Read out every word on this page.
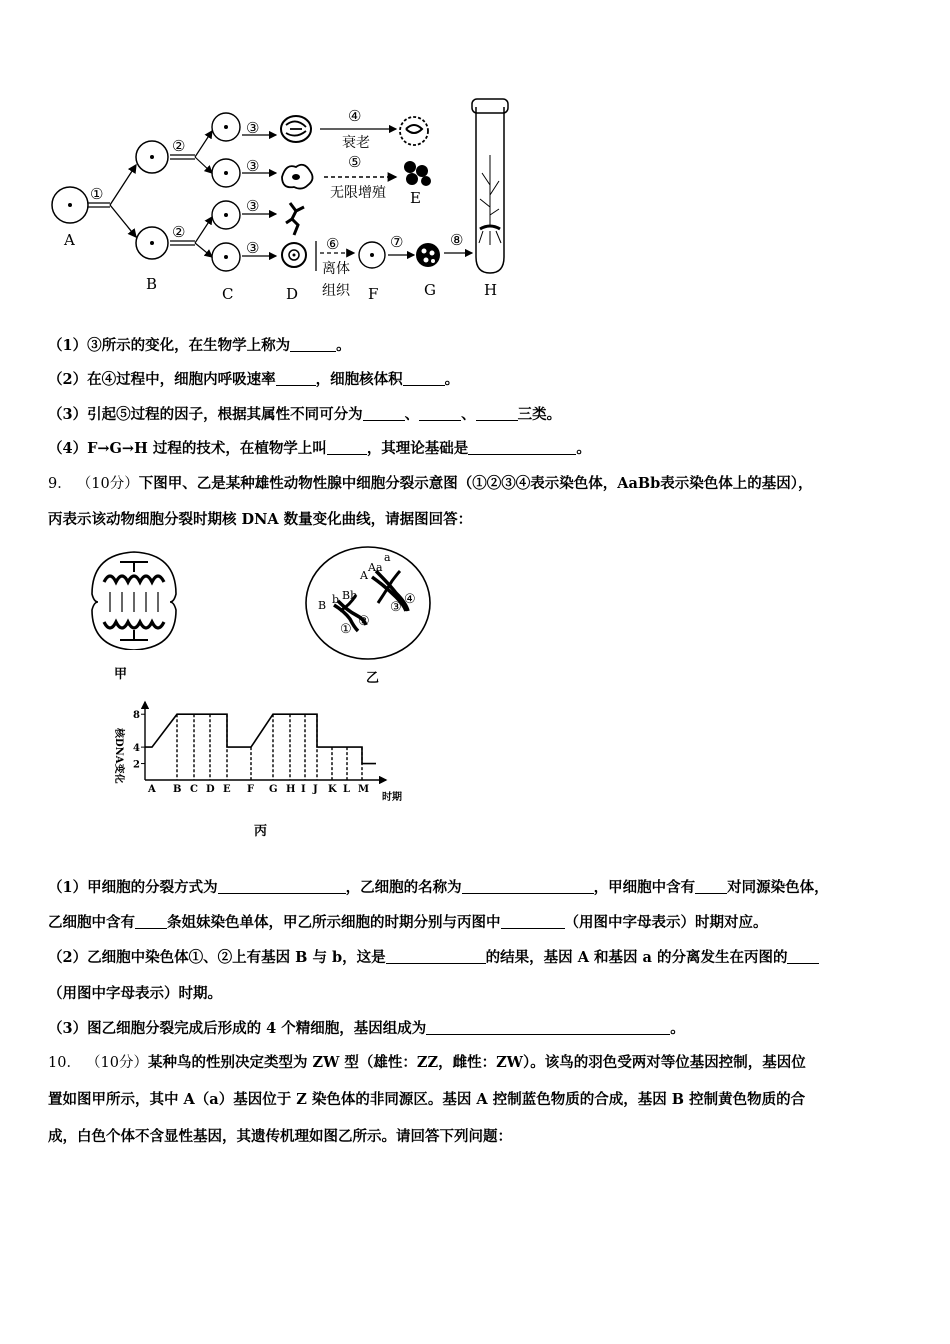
①
②
②
③
③
③
③
④
衰老
⑤
无限增殖
⑥
离体
组织
⑦	⑧
A
B
C	D
E
F	G	H
（1）③所示的变化，在生物学上称为	。
（2）在④过程中，细胞内呼吸速率	，细胞核体积	。
（3）引起⑤过程的因子，根据其属性不同可分为	、	、	三类。
（4）F→G→H 过程的技术，在植物学上叫	，其理论基础是	。
9． （10分）下图甲、乙是某种雄性动物性腺中细胞分裂示意图（①②③④表示染色体，AaBb表示染色体上的基因），
丙表示该动物细胞分裂时期核 DNA 数量变化曲线，请据图回答：
甲
B b Bb
A
Aa
a
①
②
③
④
乙
核DNA变化 2
4
8
A B C D E F G H I J K L M
时期
丙
（1）甲细胞的分裂方式为	，乙细胞的名称为	，甲细胞中含有 对同源染色体，
乙细胞中含有 条姐妹染色单体，甲乙所示细胞的时期分别与丙图中	（用图中字母表示）时期对应。
（2）乙细胞中染色体①、②上有基因 B 与 b，这是	的结果，基因 A 和基因 a 的分离发生在丙图的
（用图中字母表示）时期。
（3）图乙细胞分裂完成后形成的 4 个精细胞，基因组成为	。
10． （10分）某种鸟的性别决定类型为 ZW 型（雄性：ZZ，雌性：ZW）。该鸟的羽色受两对等位基因控制，基因位
置如图甲所示，其中 A（a）基因位于 Z 染色体的非同源区。基因 A 控制蓝色物质的合成，基因 B 控制黄色物质的合
成，白色个体不含显性基因，其遗传机理如图乙所示。请回答下列问题：
